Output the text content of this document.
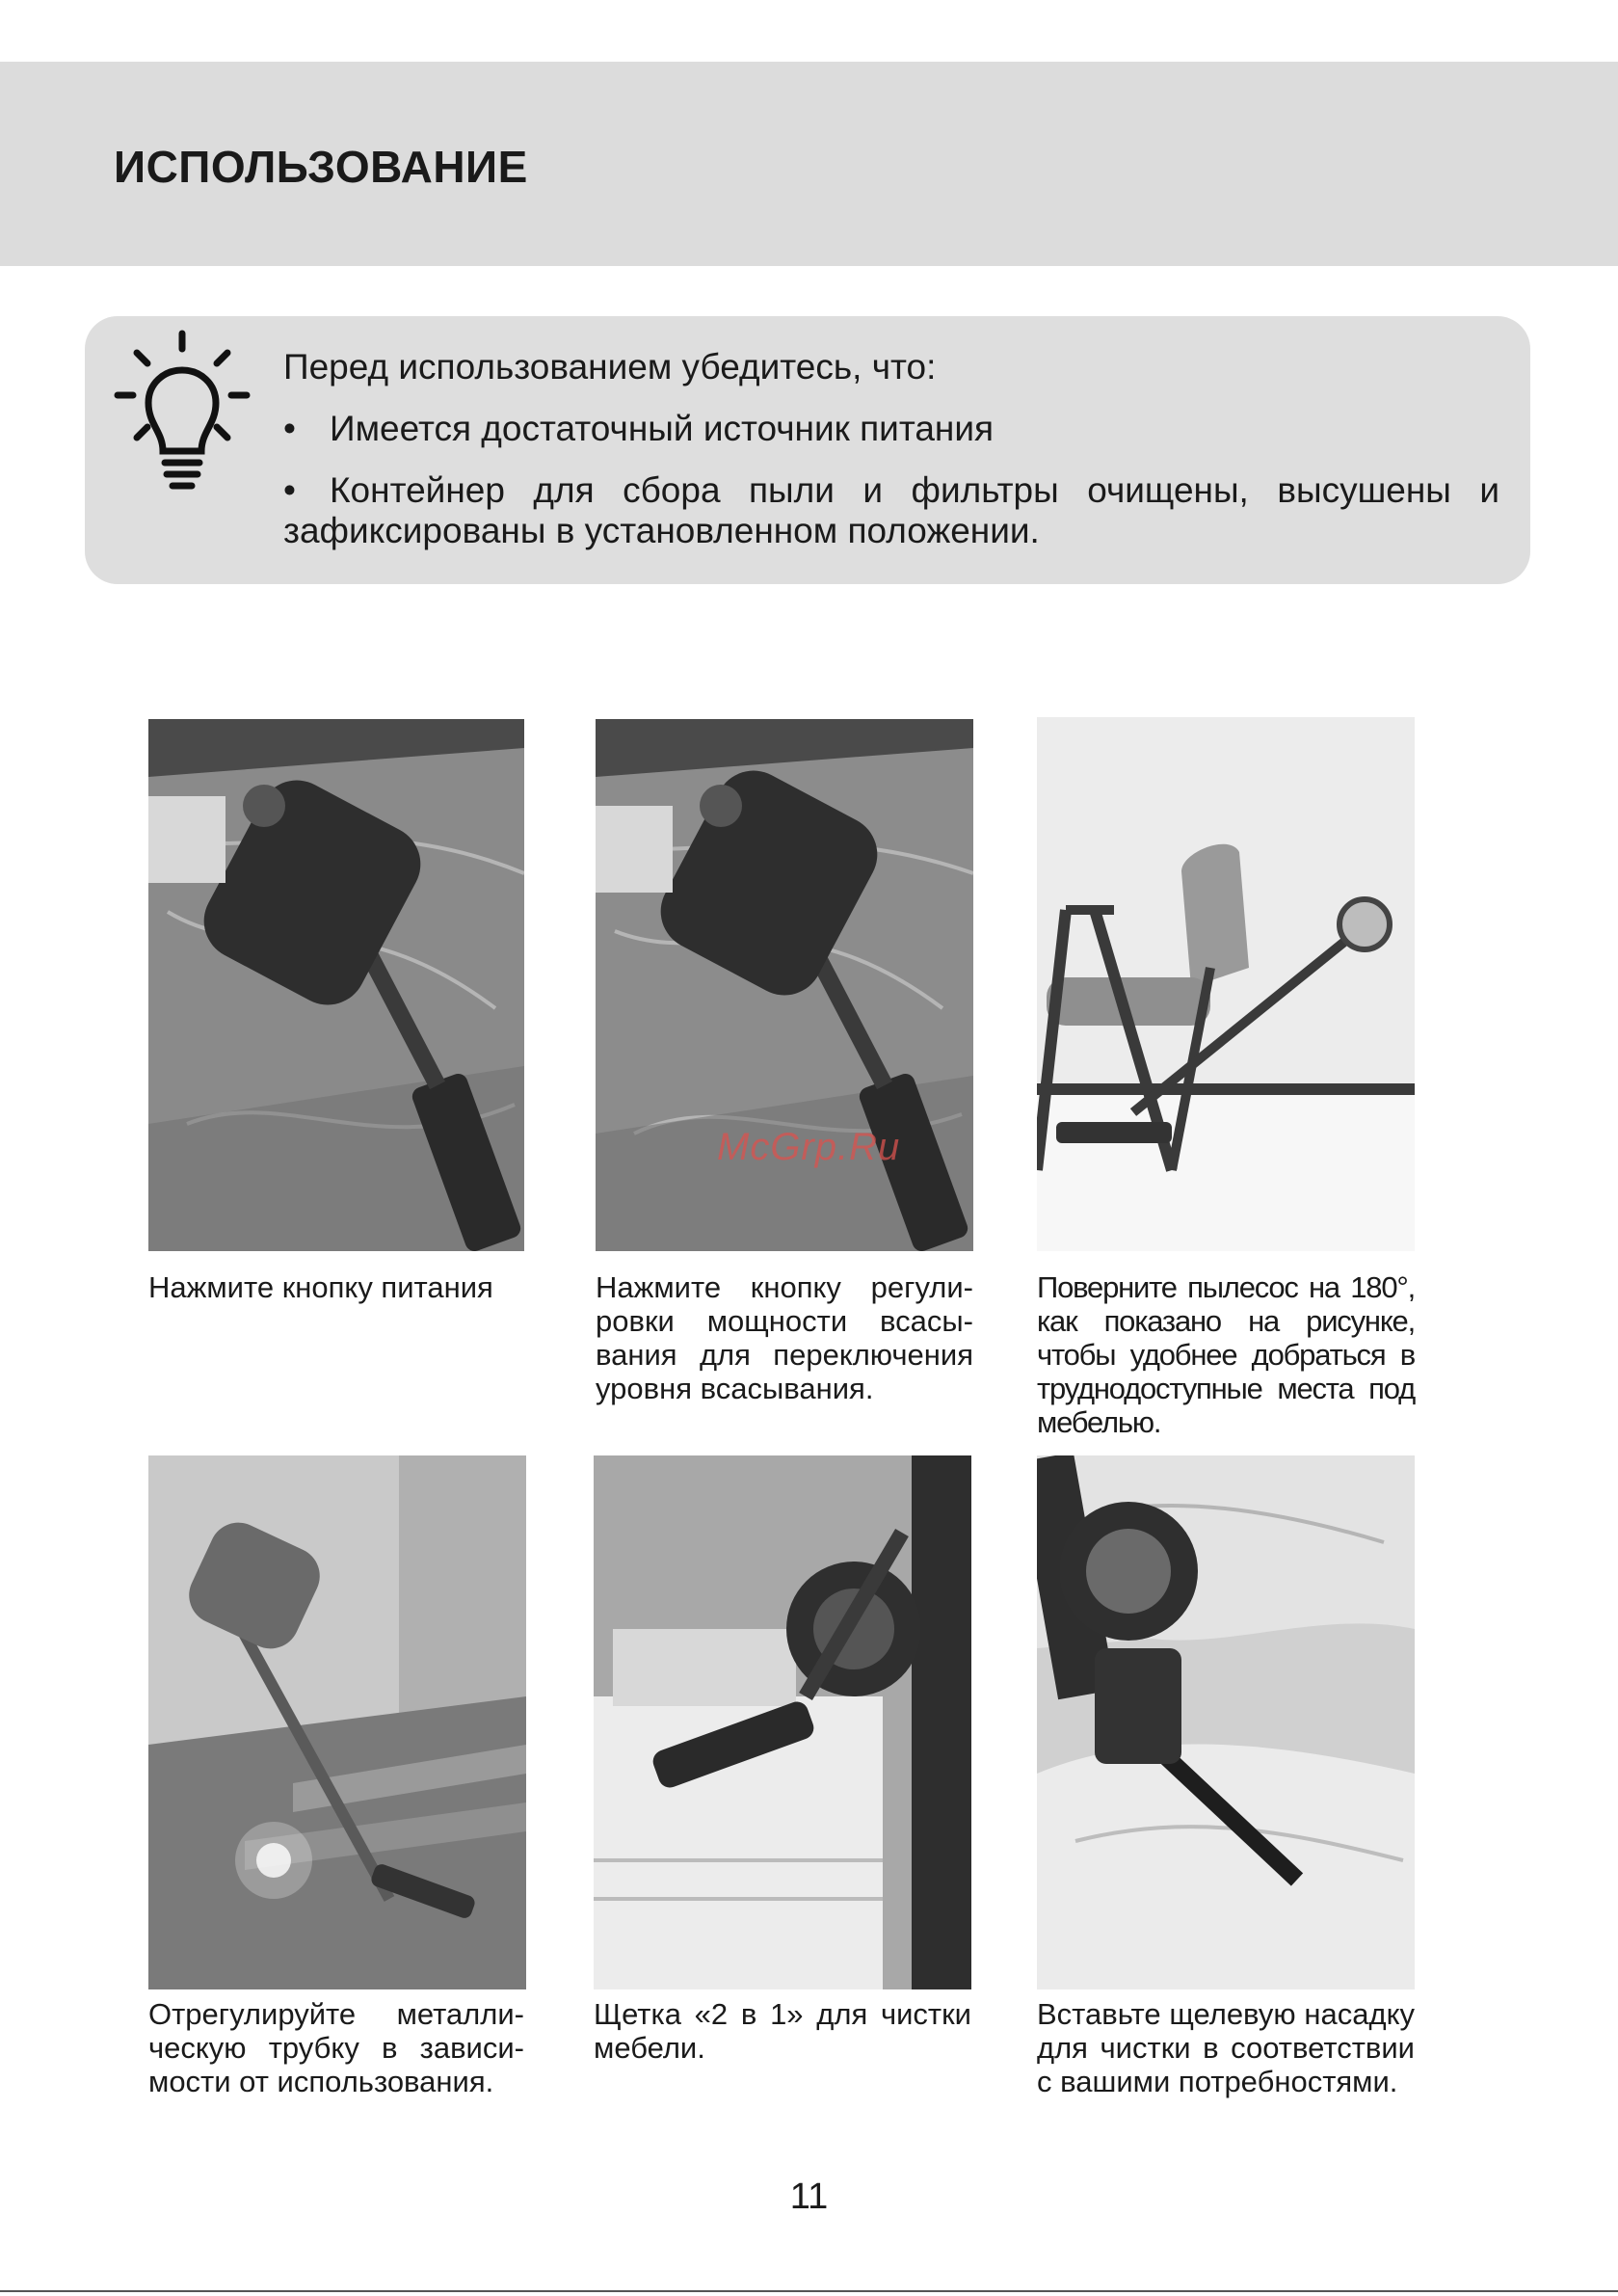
ИСПОЛЬЗОВАНИЕ

Перед использованием убедитесь, что:

• Имеется достаточный источник питания

• Контейнер для сбора пыли и фильтры очищены, высушены и зафиксированы в установленном положении.

Нажмите кнопку питания	Нажмите кнопку регули-ровки мощности всасы-вания для переключения уровня всасывания.
Поверните пылесос на 180°, как показано на рисунке, чтобы удобнее добраться в труднодоступные места под мебелью.
Отрегулируйте металли-ческую трубку в зависи-мости от использования.
Щетка «2 в 1» для чистки мебели.
Вставьте щелевую насадку для чистки в соответствии с вашими потребностями.
McGrp.Ru
11
